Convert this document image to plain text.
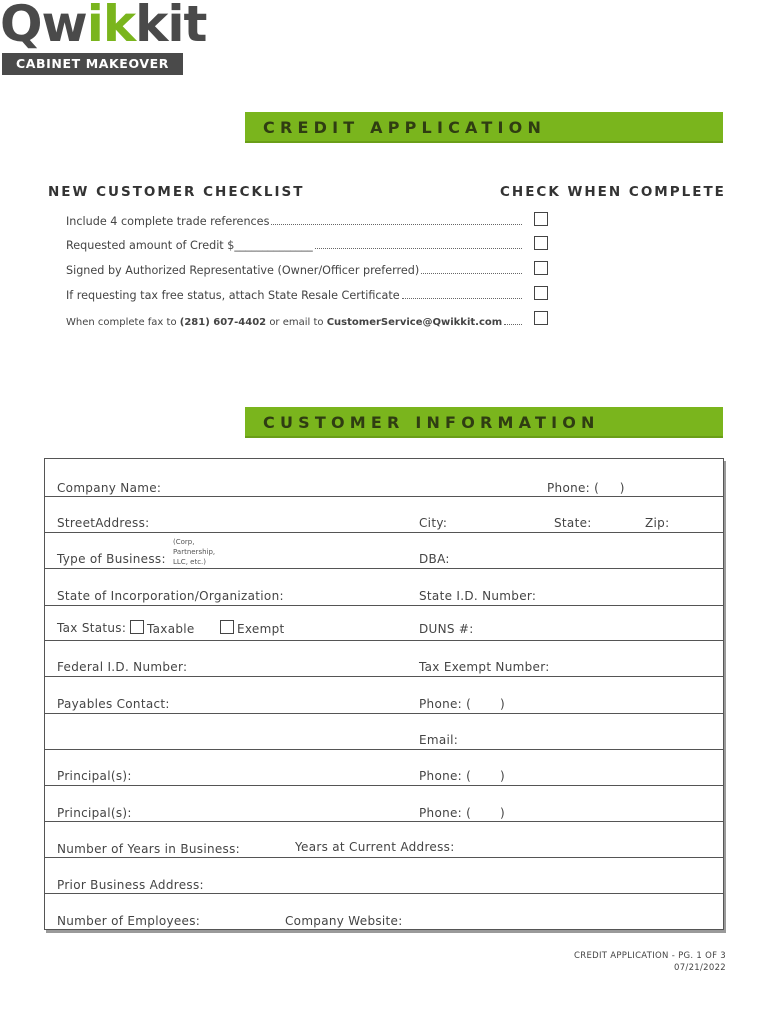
Qwikkit
CABINET MAKEOVER KITS
CREDIT APPLICATION
NEW CUSTOMER CHECKLIST	CHECK WHEN COMPLETE
Include 4 complete trade references
Requested amount of Credit $______________
Signed by Authorized Representative (Owner/Officer preferred)
If requesting tax free status, attach State Resale Certificate
When complete fax to
(281) 607-4402
or email to
CustomerService@Qwikkit.com
CUSTOMER INFORMATION
Company Name:	Phone: ( )
StreetAddress:	City:	State:	Zip:
Type of Business:
(Corp,
Partnership,
LLC, etc.)	DBA:
State of Incorporation/Organization:	State I.D. Number:
Tax Status: Taxable	Exempt	DUNS #:
Federal I.D. Number:	Tax Exempt Number:
Payables Contact:	Phone: ( )
Email:
Principal(s):	Phone: ( )
Principal(s):	Phone: ( )
Number of Years in Business:	Years at Current Address:
Prior Business Address:
Number of Employees:	Company Website:
CREDIT APPLICATION - PG. 1 OF 3
07/21/2022
